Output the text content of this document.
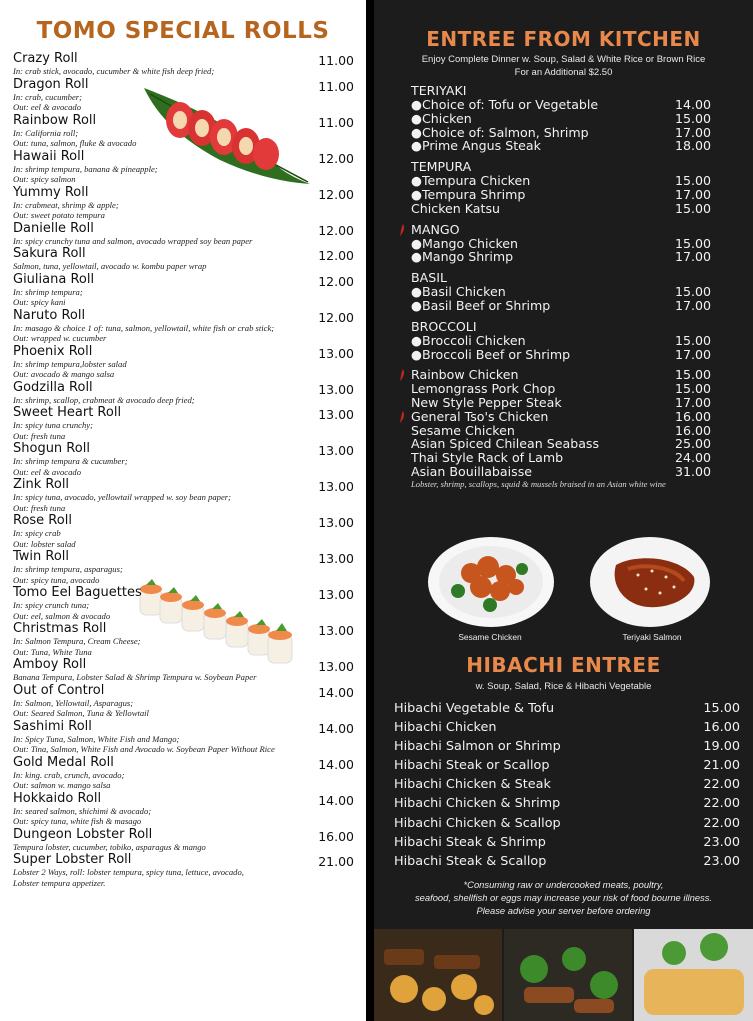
TOMO SPECIAL ROLLS
Crazy Roll	11.00
In: crab stick, avocado, cucumber & white fish deep fried;
Dragon Roll	11.00
In: crab, cucumber;
Out: eel & avocado
Rainbow Roll	11.00
In: California roll;
Out: tuna, salmon, fluke & avocado
Hawaii Roll	12.00
In: shrimp tempura, banana & pineapple;
Out: spicy salmon
Yummy Roll	12.00
In: crabmeat, shrimp & apple;
Out: sweet potato tempura
Danielle Roll	12.00
In: spicy crunchy tuna and salmon, avocado wrapped soy bean paper
Sakura Roll	12.00
Salmon, tuna, yellowtail, avocado w. kombu paper wrap
Giuliana Roll	12.00
In: shrimp tempura;
Out: spicy kani
Naruto Roll	12.00
In: masago & choice 1 of: tuna, salmon, yellowtail, white fish or crab stick;
Out: wrapped w. cucumber
Phoenix Roll	13.00
In: shrimp tempura,lobster salad
Out: avocado & mango salsa
Godzilla Roll	13.00
In: shrimp, scallop, crabmeat & avocado deep fried;
Sweet Heart Roll	13.00
In: spicy tuna crunchy;
Out: fresh tuna
Shogun Roll	13.00
In: shrimp tempura & cucumber;
Out: eel & avocado
Zink Roll	13.00
In: spicy tuna, avocado, yellowtail wrapped w. soy bean paper;
Out: fresh tuna
Rose Roll	13.00
In: spicy crab
Out: lobster salad
Twin Roll	13.00
In: shrimp tempura, asparagus;
Out: spicy tuna, avocado
Tomo Eel Baguettes	13.00
In: spicy crunch tuna;
Out: eel, salmon & avocado
Christmas Roll	13.00
In: Salmon Tempura, Cream Cheese;
Out: Tuna, White Tuna
Amboy Roll	13.00
Banana Tempura, Lobster Salad & Shrimp Tempura w. Soybean Paper
Out of Control	14.00
In: Salmon, Yellowtail, Asparagus;
Out: Seared Salmon, Tuna & Yellowtail
Sashimi Roll	14.00
In: Spicy Tuna, Salmon, White Fish and Mango;
Out: Tina, Salmon, White Fish and Avocado w. Soybean Paper Without Rice
Gold Medal Roll	14.00
In: king. crab, crunch, avocado;
Out: salmon w. mango salsa
Hokkaido Roll	14.00
In: seared salmon, shichimi & avocado;
Out: spicy tuna, white fish & masago
Dungeon Lobster Roll	16.00
Tempura lobster, cucumber, tobiko, asparagus & mango
Super Lobster Roll	21.00
Lobster 2 Ways, roll: lobster tempura, spicy tuna, lettuce, avocado,
Lobster tempura appetizer.
ENTREE FROM KITCHEN
Enjoy Complete Dinner w. Soup, Salad & White Rice or Brown Rice
For an Additional $2.50
TERIYAKI
●Choice of: Tofu or Vegetable	14.00
●Chicken	15.00
●Choice of: Salmon, Shrimp	17.00
●Prime Angus Steak	18.00
TEMPURA
●Tempura Chicken	15.00
●Tempura Shrimp	17.00
Chicken Katsu	15.00
MANGO
●Mango Chicken	15.00
●Mango Shrimp	17.00
BASIL
●Basil Chicken	15.00
●Basil Beef or Shrimp	17.00
BROCCOLI
●Broccoli Chicken	15.00
●Broccoli Beef or Shrimp	17.00
Rainbow Chicken	15.00
Lemongrass Pork Chop	15.00
New Style Pepper Steak	17.00
General Tso's Chicken	16.00
Sesame Chicken	16.00
Asian Spiced Chilean Seabass	25.00
Thai Style Rack of Lamb	24.00
Asian Bouillabaisse	31.00
Lobster, shrimp, scallops, squid & mussels braised in an Asian white wine
Sesame Chicken	Teriyaki Salmon
HIBACHI ENTREE
w. Soup, Salad, Rice & Hibachi Vegetable
Hibachi Vegetable & Tofu	15.00
Hibachi Chicken	16.00
Hibachi Salmon or Shrimp	19.00
Hibachi Steak or Scallop	21.00
Hibachi Chicken & Steak	22.00
Hibachi Chicken & Shrimp	22.00
Hibachi Chicken & Scallop	22.00
Hibachi Steak & Shrimp	23.00
Hibachi Steak & Scallop	23.00
*Consuming raw or undercooked meats, poultry,
seafood, shellfish or eggs may increase your risk of food bourne illness.
Please advise your server before ordering
